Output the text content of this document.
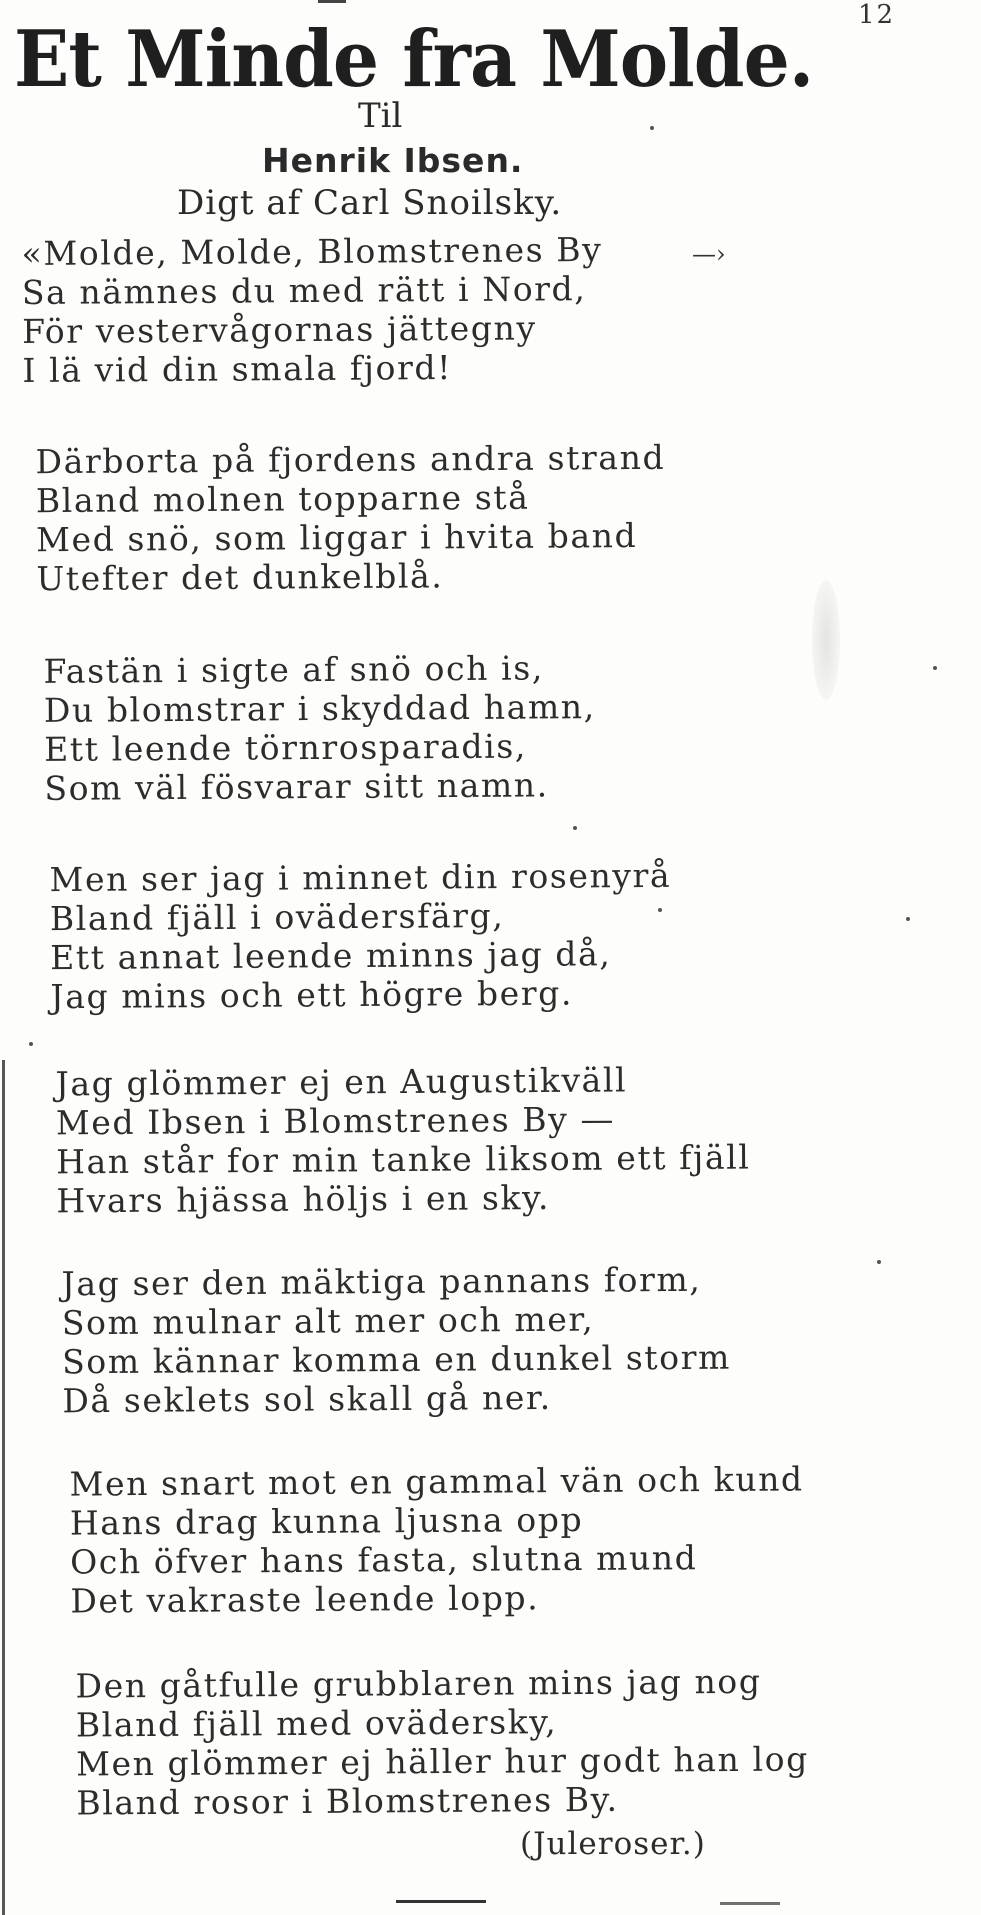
12
Et Minde fra Molde.
Til
Henrik Ibsen.
Digt af Carl Snoilsky.
—›
«Molde, Molde, Blomstrenes By
Sa nämnes du med rätt i Nord,
För vestervågornas jättegny
I lä vid din smala fjord!
Därborta på fjordens andra strand
Bland molnen topparne stå
Med snö, som liggar i hvita band
Utefter det dunkelblå.
Fastän i sigte af snö och is,
Du blomstrar i skyddad hamn,
Ett leende törnrosparadis,
Som väl fösvarar sitt namn.
Men ser jag i minnet din rosenyrå
Bland fjäll i ovädersfärg,
Ett annat leende minns jag då,
Jag mins och ett högre berg.
Jag glömmer ej en Augustikväll
Med Ibsen i Blomstrenes By —
Han står for min tanke liksom ett fjäll
Hvars hjässa höljs i en sky.
Jag ser den mäktiga pannans form,
Som mulnar alt mer och mer,
Som kännar komma en dunkel storm
Då seklets sol skall gå ner.
Men snart mot en gammal vän och kund
Hans drag kunna ljusna opp
Och öfver hans fasta, slutna mund
Det vakraste leende lopp.
Den gåtfulle grubblaren mins jag nog
Bland fjäll med ovädersky,
Men glömmer ej häller hur godt han log
Bland rosor i Blomstrenes By.
(Juleroser.)
